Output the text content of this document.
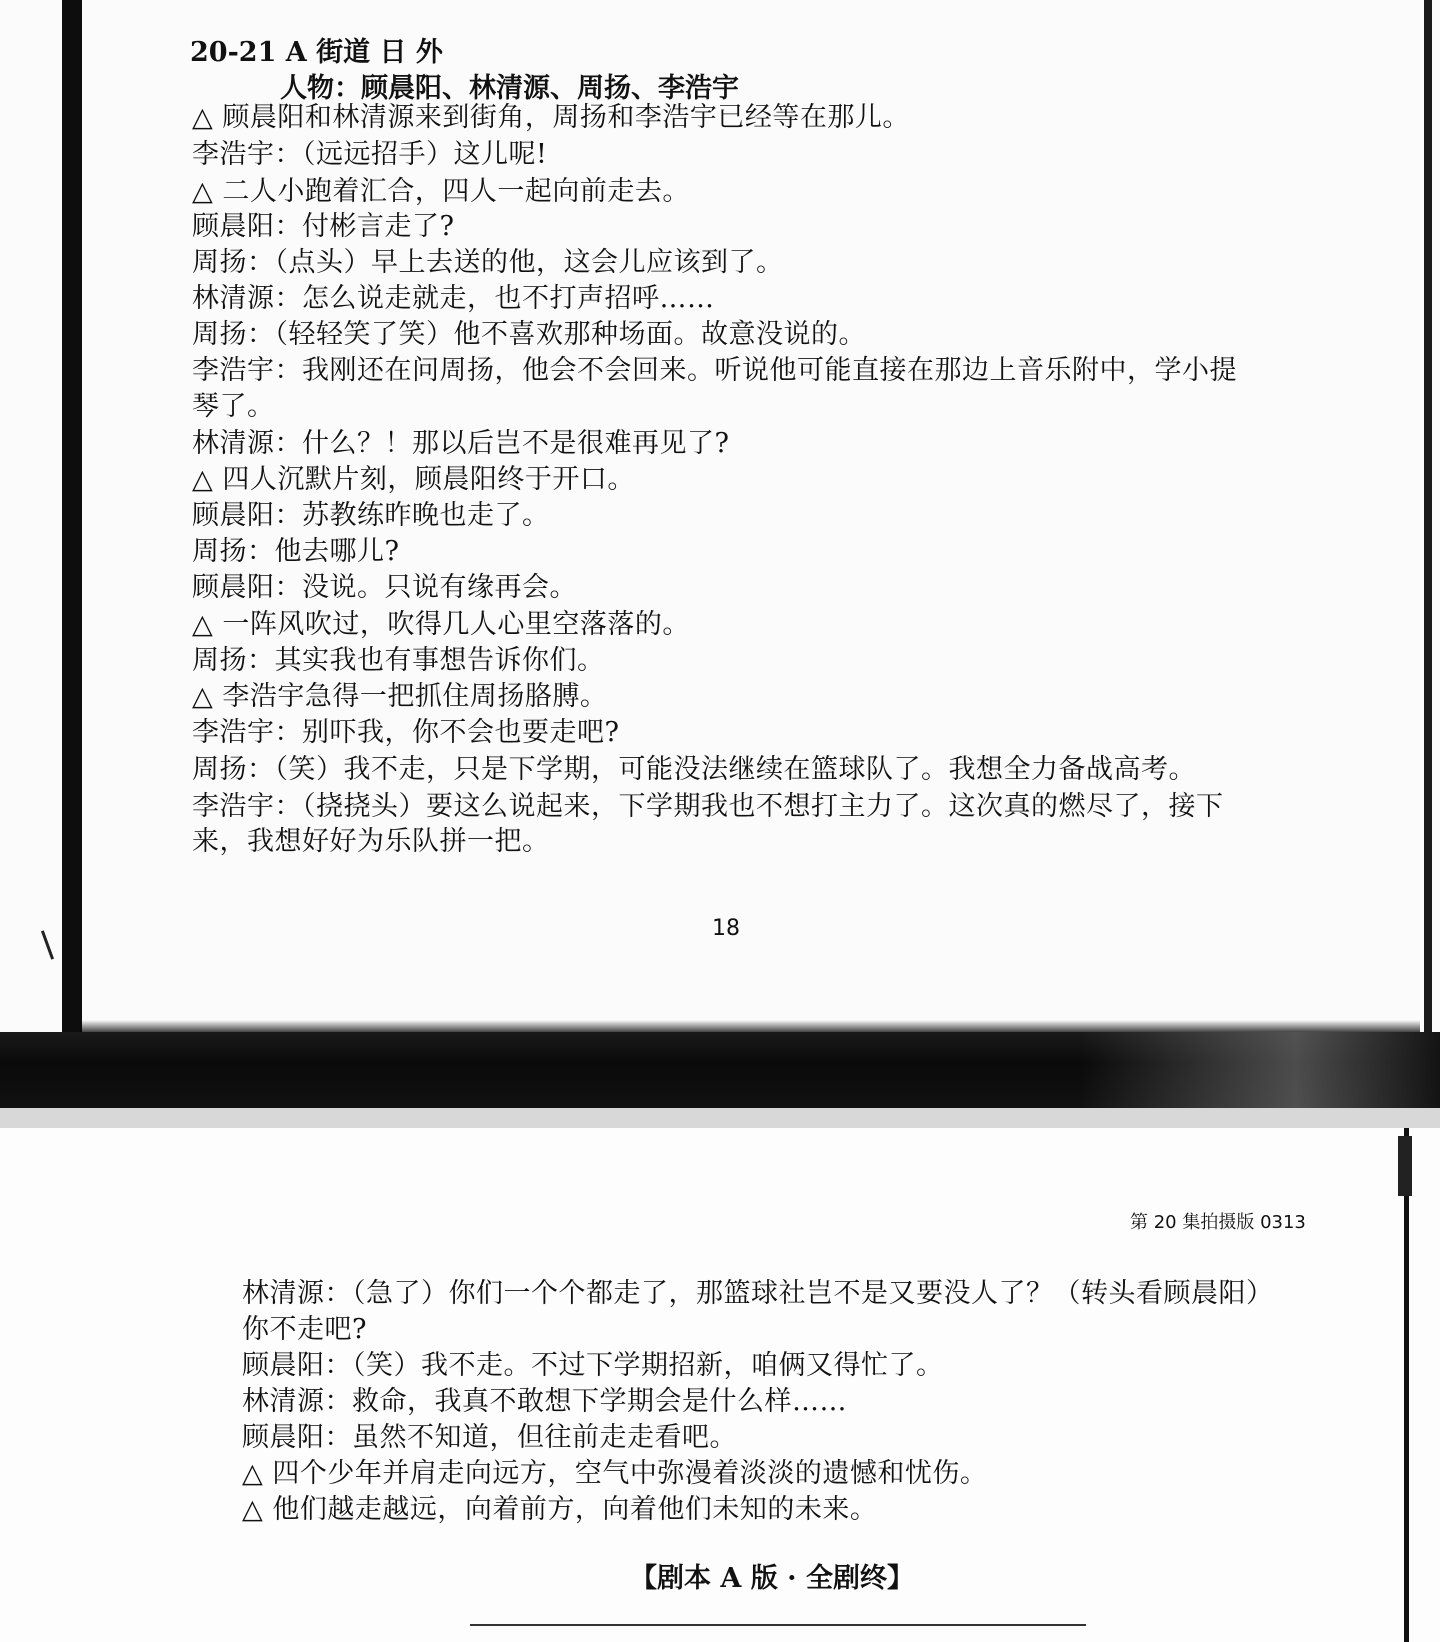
20-21 A 街道 日 外
人物：顾晨阳、林清源、周扬、李浩宇
△ 顾晨阳和林清源来到街角，周扬和李浩宇已经等在那儿。
李浩宇：（远远招手）这儿呢!
△ 二人小跑着汇合，四人一起向前走去。
顾晨阳：付彬言走了?
周扬：（点头）早上去送的他，这会儿应该到了。
林清源：怎么说走就走，也不打声招呼……
周扬：（轻轻笑了笑）他不喜欢那种场面。故意没说的。
李浩宇：我刚还在问周扬，他会不会回来。听说他可能直接在那边上音乐附中，学小提
琴了。
林清源：什么？！那以后岂不是很难再见了?
△ 四人沉默片刻，顾晨阳终于开口。
顾晨阳：苏教练昨晚也走了。
周扬：他去哪儿?
顾晨阳：没说。只说有缘再会。
△ 一阵风吹过，吹得几人心里空落落的。
周扬：其实我也有事想告诉你们。
△ 李浩宇急得一把抓住周扬胳膊。
李浩宇：别吓我，你不会也要走吧?
周扬：（笑）我不走，只是下学期，可能没法继续在篮球队了。我想全力备战高考。
李浩宇：（挠挠头）要这么说起来，下学期我也不想打主力了。这次真的燃尽了，接下
来，我想好好为乐队拼一把。
18
第 20 集拍摄版 0313
林清源：（急了）你们一个个都走了，那篮球社岂不是又要没人了？（转头看顾晨阳）
你不走吧?
顾晨阳：（笑）我不走。不过下学期招新，咱俩又得忙了。
林清源：救命，我真不敢想下学期会是什么样……
顾晨阳：虽然不知道，但往前走走看吧。
△ 四个少年并肩走向远方，空气中弥漫着淡淡的遗憾和忧伤。
△ 他们越走越远，向着前方，向着他们未知的未来。
【剧本 A 版 · 全剧终】
